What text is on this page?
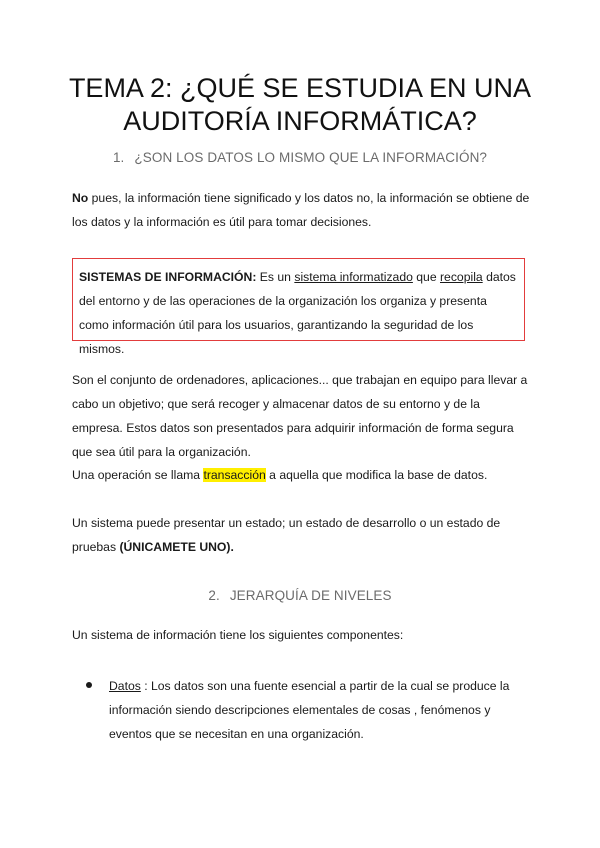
TEMA 2: ¿QUÉ SE ESTUDIA EN UNA AUDITORÍA INFORMÁTICA?
1. ¿SON LOS DATOS LO MISMO QUE LA INFORMACIÓN?

No pues, la información tiene significado y los datos no, la información se obtiene de los datos y la información es útil para tomar decisiones.

SISTEMAS DE INFORMACIÓN: Es un sistema informatizado que recopila datos del entorno y de las operaciones de la organización los organiza y presenta como información útil para los usuarios, garantizando la seguridad de los mismos.

Son el conjunto de ordenadores, aplicaciones... que trabajan en equipo para llevar a cabo un objetivo; que será recoger y almacenar datos de su entorno y de la empresa. Estos datos son presentados para adquirir información de forma segura que sea útil para la organización.

Una operación se llama transacción a aquella que modifica la base de datos.

Un sistema puede presentar un estado; un estado de desarrollo o un estado de pruebas (ÚNICAMETE UNO).

2. JERARQUÍA DE NIVELES

Un sistema de información tiene los siguientes componentes:

Datos : Los datos son una fuente esencial a partir de la cual se produce la información siendo descripciones elementales de cosas , fenómenos y eventos que se necesitan en una organización.
